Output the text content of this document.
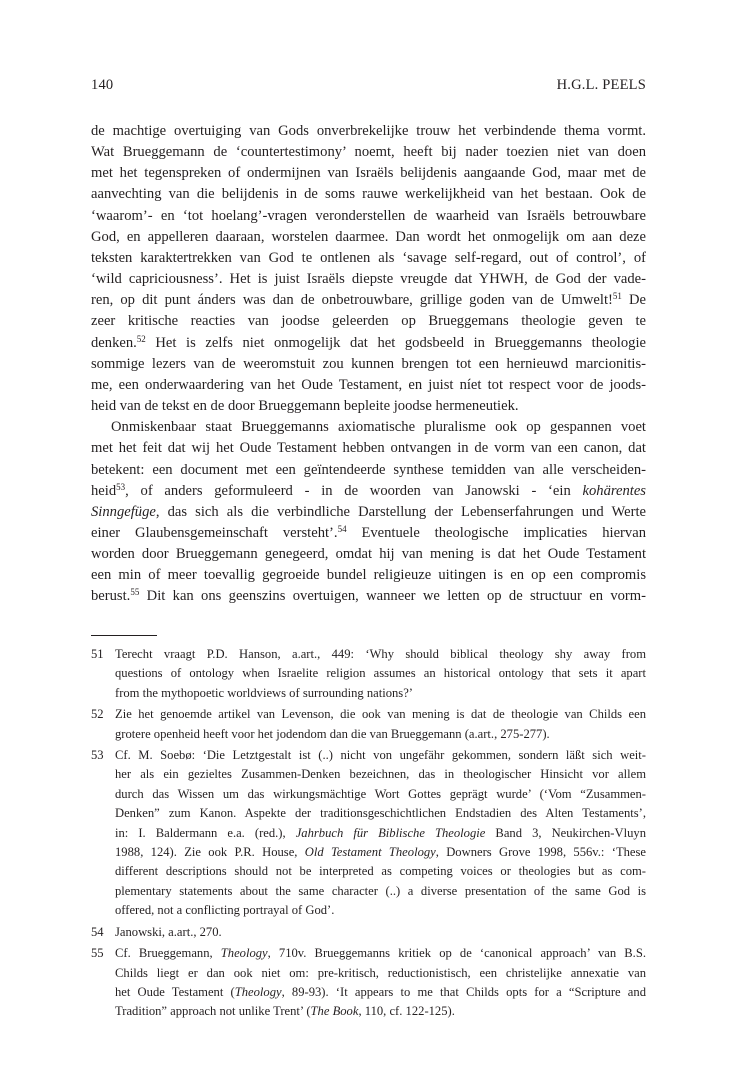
140	H.G.L. PEELS
de machtige overtuiging van Gods onverbrekelijke trouw het verbindende thema vormt.
Wat Brueggemann de ‘countertestimony’ noemt, heeft bij nader toezien niet van doen
met het tegenspreken of ondermijnen van Israëls belijdenis aangaande God, maar met de
aanvechting van die belijdenis in de soms rauwe werkelijkheid van het bestaan. Ook de
‘waarom’- en ‘tot hoelang’-vragen veronderstellen de waarheid van Israëls betrouwbare
God, en appelleren daaraan, worstelen daarmee. Dan wordt het onmogelijk om aan deze
teksten karaktertrekken van God te ontlenen als ‘savage self-regard, out of control’, of
‘wild capriciousness’. Het is juist Israëls diepste vreugde dat YHWH, de God der vade-
ren, op dit punt ánders was dan de onbetrouwbare, grillige goden van de Umwelt!$^{51}$ De
zeer kritische reacties van joodse geleerden op Brueggemans theologie geven te
denken.$^{52}$ Het is zelfs niet onmogelijk dat het godsbeeld in Brueggemanns theologie
sommige lezers van de weeromstuit zou kunnen brengen tot een hernieuwd marcionitis-
me, een onderwaardering van het Oude Testament, en juist níet tot respect voor de joods-
heid van de tekst en de door Brueggemann bepleite joodse hermeneutiek.
Onmiskenbaar staat Brueggemanns axiomatische pluralisme ook op gespannen voet
met het feit dat wij het Oude Testament hebben ontvangen in de vorm van een canon, dat
betekent: een document met een geïntendeerde synthese temidden van alle verscheiden-
heid$^{53}$, of anders geformuleerd - in de woorden van Janowski - ‘ein kohärentes
Sinngefüge, das sich als die verbindliche Darstellung der Lebenserfahrungen und Werte
einer Glaubensgemeinschaft versteht’.$^{54}$ Eventuele theologische implicaties hiervan
worden door Brueggemann genegeerd, omdat hij van mening is dat het Oude Testament
een min of meer toevallig gegroeide bundel religieuze uitingen is en op een compromis
berust.$^{55}$ Dit kan ons geenszins overtuigen, wanneer we letten op de structuur en vorm-
51 Terecht vraagt P.D. Hanson, a.art., 449: ‘Why should biblical theology shy away from
questions of ontology when Israelite religion assumes an historical ontology that sets it apart
from the mythopoetic worldviews of surrounding nations?’
52 Zie het genoemde artikel van Levenson, die ook van mening is dat de theologie van Childs een
grotere openheid heeft voor het jodendom dan die van Brueggemann (a.art., 275-277).
53 Cf. M. Soebø: ‘Die Letztgestalt ist (..) nicht von ungefähr gekommen, sondern läßt sich weit-
her als ein gezieltes Zusammen-Denken bezeichnen, das in theologischer Hinsicht vor allem
durch das Wissen um das wirkungsmächtige Wort Gottes geprägt wurde’ (‘Vom “Zusammen-
Denken” zum Kanon. Aspekte der traditionsgeschichtlichen Endstadien des Alten Testaments’,
in: I. Baldermann e.a. (red.), Jahrbuch für Biblische Theologie Band 3, Neukirchen-Vluyn
1988, 124). Zie ook P.R. House, Old Testament Theology, Downers Grove 1998, 556v.: ‘These
different descriptions should not be interpreted as competing voices or theologies but as com-
plementary statements about the same character (..) a diverse presentation of the same God is
offered, not a conflicting portrayal of God’.
54 Janowski, a.art., 270.
55 Cf. Brueggemann, Theology, 710v. Brueggemanns kritiek op de ‘canonical approach’ van B.S.
Childs liegt er dan ook niet om: pre-kritisch, reductionistisch, een christelijke annexatie van
het Oude Testament (Theology, 89-93). ‘It appears to me that Childs opts for a “Scripture and
Tradition” approach not unlike Trent’ (The Book, 110, cf. 122-125).
